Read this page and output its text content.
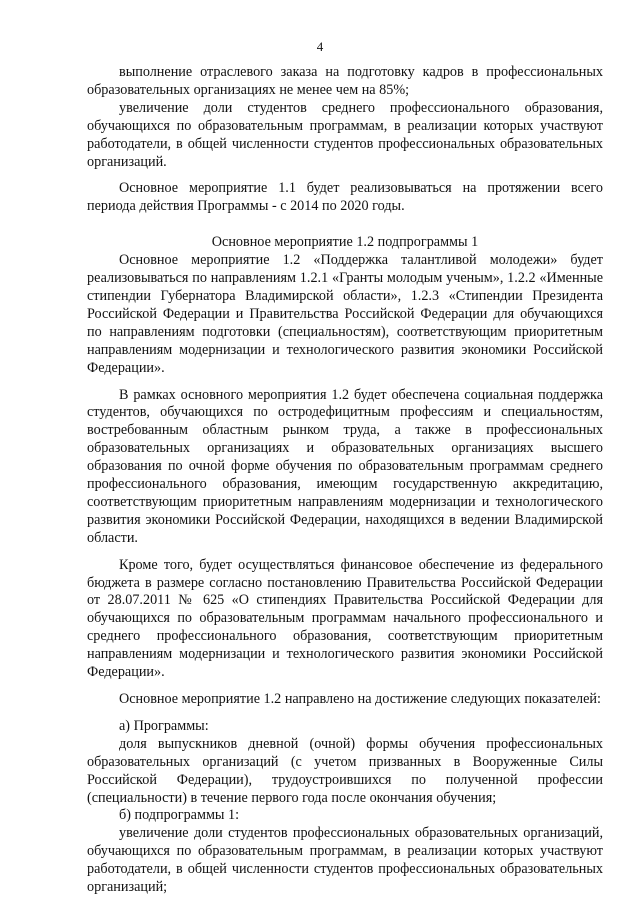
4

выполнение отраслевого заказа на подготовку кадров в профессиональных образовательных организациях не менее чем на 85%;

увеличение доли студентов среднего профессионального образования, обучающихся по образовательным программам, в реализации которых участвуют работодатели, в общей численности студентов профессиональных образовательных организаций.

Основное мероприятие 1.1 будет реализовываться на протяжении всего периода действия Программы - с 2014 по 2020 годы.

Основное мероприятие 1.2 подпрограммы 1

Основное мероприятие 1.2 «Поддержка талантливой молодежи» будет реализовываться по направлениям 1.2.1 «Гранты молодым ученым», 1.2.2 «Именные стипендии Губернатора Владимирской области», 1.2.3 «Стипендии Президента Российской Федерации и Правительства Российской Федерации для обучающихся по направлениям подготовки (специальностям), соответствующим приоритетным направлениям модернизации и технологического развития экономики Российской Федерации».

В рамках основного мероприятия 1.2 будет обеспечена социальная поддержка студентов, обучающихся по остродефицитным профессиям и специальностям, востребованным областным рынком труда, а также в профессиональных образовательных организациях и образовательных организациях высшего образования по очной форме обучения по образовательным программам среднего профессионального образования, имеющим государственную аккредитацию, соответствующим приоритетным направлениям модернизации и технологического развития экономики Российской Федерации, находящихся в ведении Владимирской области.

Кроме того, будет осуществляться финансовое обеспечение из федерального бюджета в размере согласно постановлению Правительства Российской Федерации от 28.07.2011 № 625 «О стипендиях Правительства Российской Федерации для обучающихся по образовательным программам начального профессионального и среднего профессионального образования, соответствующим приоритетным направлениям модернизации и технологического развития экономики Российской Федерации».

Основное мероприятие 1.2 направлено на достижение следующих показателей:

а) Программы:

доля выпускников дневной (очной) формы обучения профессиональных образовательных организаций (с учетом призванных в Вооруженные Силы Российской Федерации), трудоустроившихся по полученной профессии (специальности) в течение первого года после окончания обучения;

б) подпрограммы 1:

увеличение доли студентов профессиональных образовательных организаций, обучающихся по образовательным программам, в реализации которых участвуют работодатели, в общей численности студентов профессиональных образовательных организаций;
